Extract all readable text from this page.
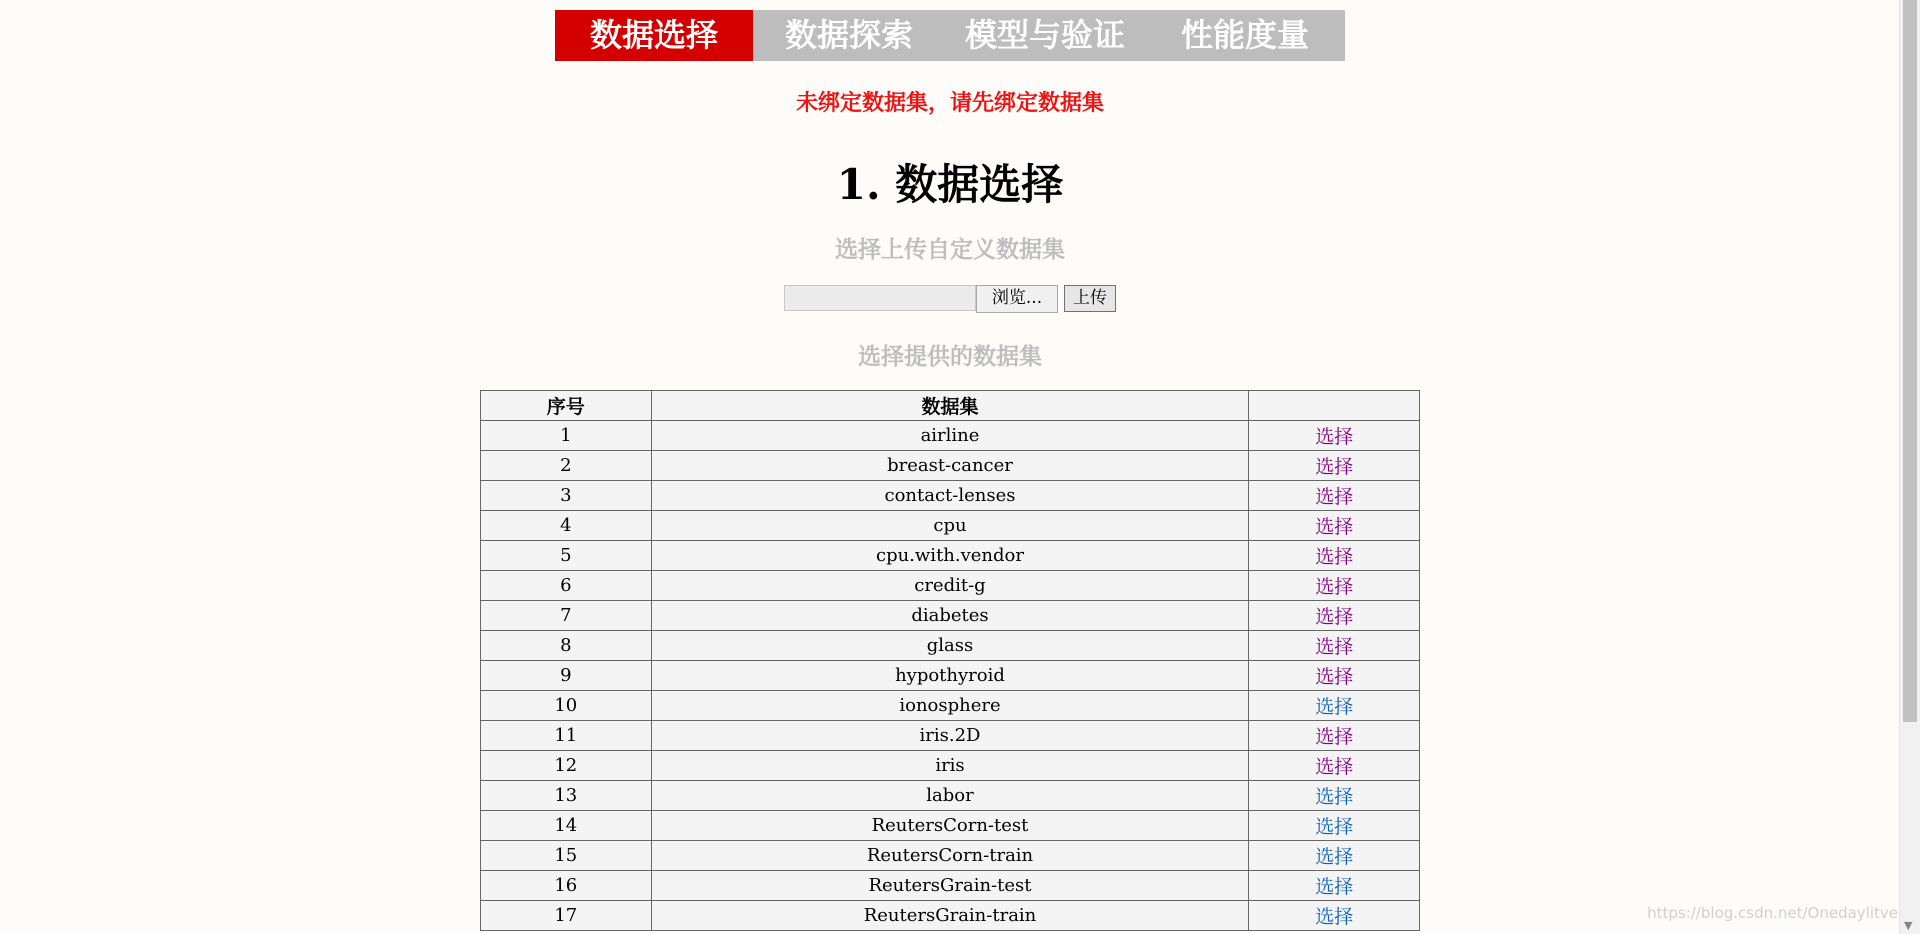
数据选择	数据探索	模型与验证	性能度量
未绑定数据集，请先绑定数据集
1. 数据选择
选择上传自定义数据集
浏览...	上传
选择提供的数据集
序号	数据集	
1	airline	选择
2	breast-cancer	选择
3	contact-lenses	选择
4	cpu	选择
5	cpu.with.vendor	选择
6	credit-g	选择
7	diabetes	选择
8	glass	选择
9	hypothyroid	选择
10	ionosphere	选择
11	iris.2D	选择
12	iris	选择
13	labor	选择
14	ReutersCorn-test	选择
15	ReutersCorn-train	选择
16	ReutersGrain-test	选择
17	ReutersGrain-train	选择	https://blog.csdn.net/Onedaylitve
▼
